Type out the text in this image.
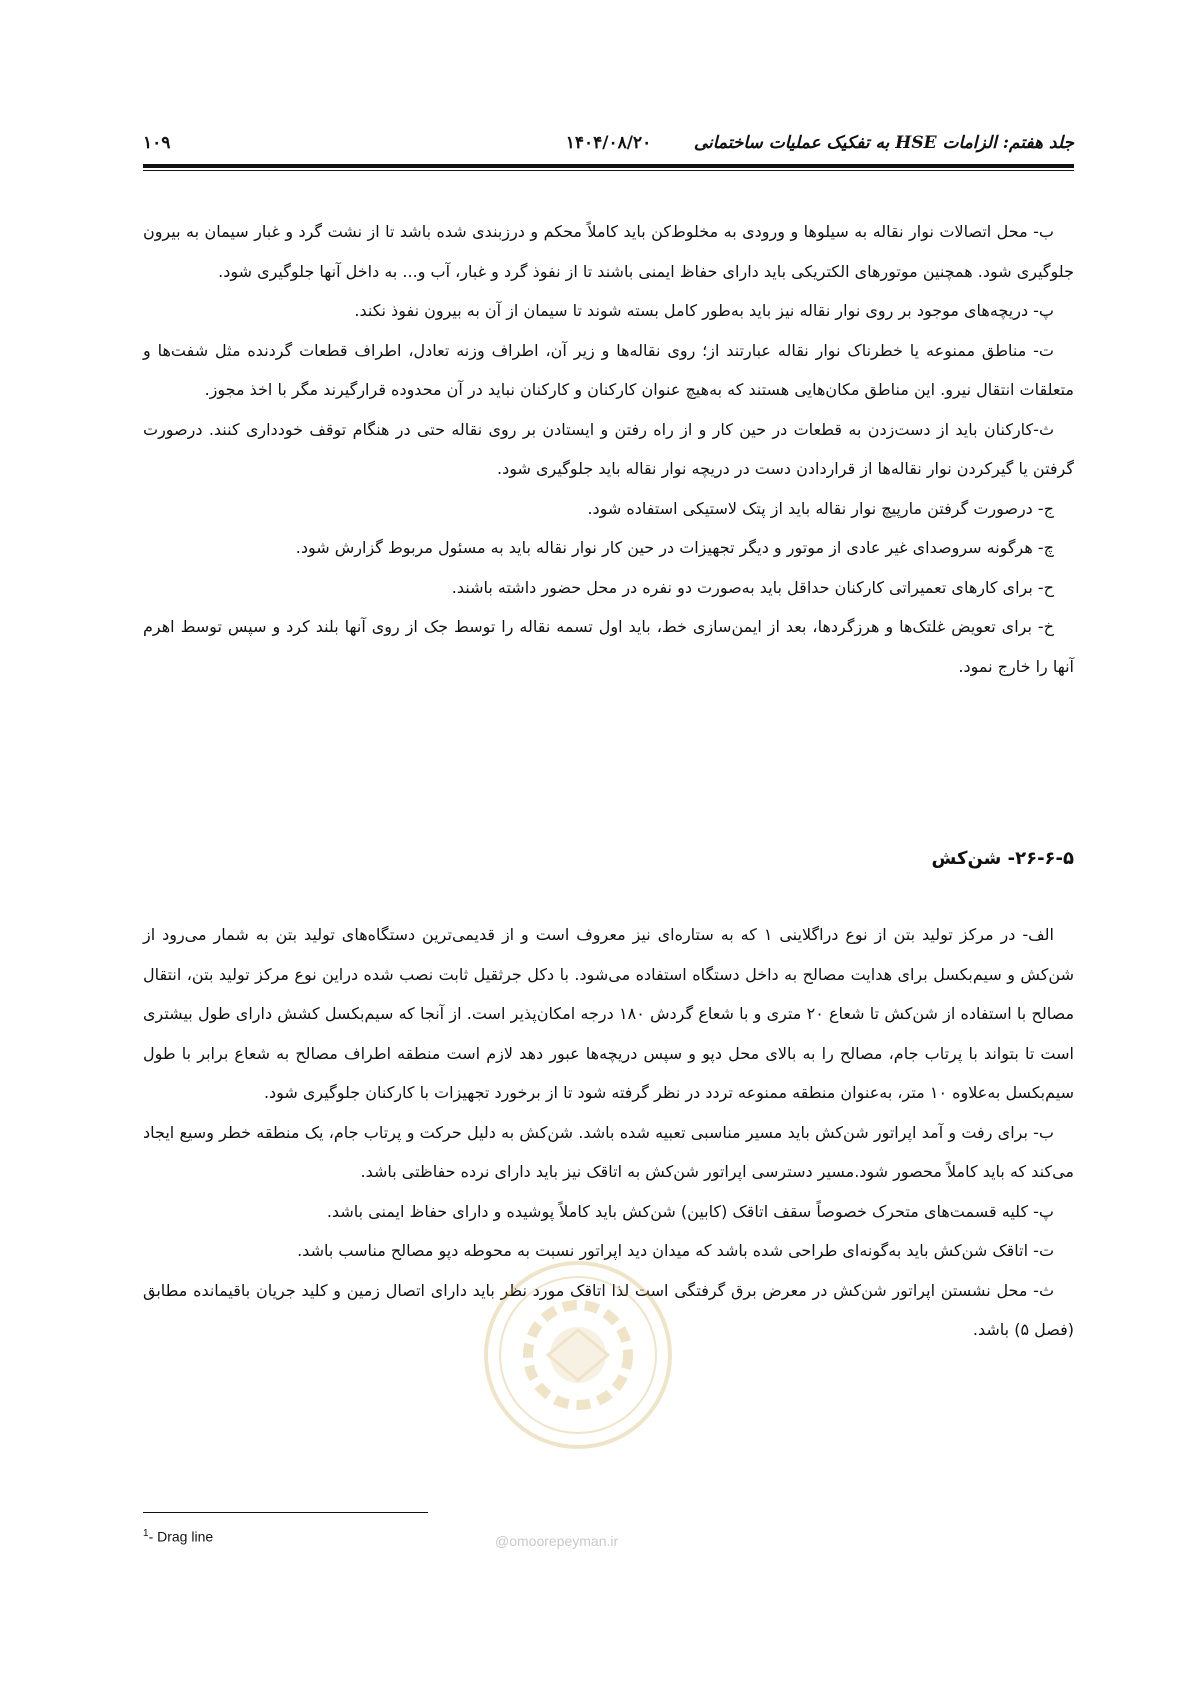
جلد هفتم: الزامات HSE به تفکیک عملیات ساختمانی
۱۴۰۴/۰۸/۲۰
۱۰۹

ب- محل اتصالات نوار نقاله به سیلوها و ورودی به مخلوط‌کن باید کاملاً محکم و درزبندی شده باشد تا از نشت گرد و غبار سیمان به بیرون جلوگیری شود. همچنین موتورهای الکتریکی باید دارای حفاظ ایمنی باشند تا از نفوذ گرد و غبار، آب و... به داخل آنها جلوگیری شود.

پ- دریچه‌های موجود بر روی نوار نقاله نیز باید به‌طور کامل بسته شوند تا سیمان از آن به بیرون نفوذ نکند.

ت- مناطق ممنوعه یا خطرناک نوار نقاله عبارتند از؛ روی نقاله‌ها و زیر آن، اطراف وزنه تعادل، اطراف قطعات گردنده مثل شفت‌ها و متعلقات انتقال نیرو. این مناطق مکان‌هایی هستند که به‌هیچ عنوان کارکنان و کارکنان نباید در آن محدوده قرارگیرند مگر با اخذ مجوز.

ث-کارکنان باید از دست‌زدن به قطعات در حین کار و از راه رفتن و ایستادن بر روی نقاله حتی در هنگام توقف خودداری کنند. درصورت گرفتن یا گیرکردن نوار نقاله‌ها از قراردادن دست در دریچه نوار نقاله باید جلوگیری شود.

ج- درصورت گرفتن مارپیچ نوار نقاله باید از پتک لاستیکی استفاده شود.

چ- هرگونه سروصدای غیر عادی از موتور و دیگر تجهیزات در حین کار نوار نقاله باید به مسئول مربوط گزارش شود.

ح- برای کارهای تعمیراتی کارکنان حداقل باید به‌صورت دو نفره در محل حضور داشته باشند.

خ- برای تعویض غلتک‌ها و هرزگردها، بعد از ایمن‌سازی خط، باید اول تسمه نقاله را توسط جک از روی آنها بلند کرد و سپس توسط اهرم آنها را خارج نمود.

۲۶-۶-۵- شن‌کش

الف- در مرکز تولید بتن از نوع دراگلاینی ۱ که به ستاره‌ای نیز معروف است و از قدیمی‌ترین دستگاه‌های تولید بتن به شمار می‌رود از شن‌کش و سیم‌بکسل برای هدایت مصالح به داخل دستگاه استفاده می‌شود. با دکل جرثقیل ثابت نصب شده دراین نوع مرکز تولید بتن، انتقال مصالح با استفاده از شن‌کش تا شعاع ۲۰ متری و با شعاع گردش ۱۸۰ درجه امکان‌پذیر است. از آنجا که سیم‌بکسل کشش دارای طول بیشتری است تا بتواند با پرتاب جام، مصالح را به بالای محل دپو و سپس دریچه‌ها عبور دهد لازم است منطقه اطراف مصالح به شعاع برابر با طول سیم‌بکسل به‌علاوه ۱۰ متر، به‌عنوان منطقه ممنوعه تردد در نظر گرفته شود تا از برخورد تجهیزات با کارکنان جلوگیری شود.

ب- برای رفت و آمد اپراتور شن‌کش باید مسیر مناسبی تعبیه شده باشد. شن‌کش به دلیل حرکت و پرتاب جام، یک منطقه خطر وسیع ایجاد می‌کند که باید کاملاً محصور شود.مسیر دسترسی اپراتور شن‌کش به اتاقک نیز باید دارای نرده حفاظتی باشد.

پ- کلیه قسمت‌های متحرک خصوصاً سقف اتاقک (کابین) شن‌کش باید کاملاً پوشیده و دارای حفاظ ایمنی باشد.

ت- اتاقک شن‌کش باید به‌گونه‌ای طراحی شده باشد که میدان دید اپراتور نسبت به محوطه دپو مصالح مناسب باشد.

ث- محل نشستن اپراتور شن‌کش در معرض برق گرفتگی است لذا اتاقک مورد نظر باید دارای اتصال زمین و کلید جریان باقیمانده مطابق (فصل ۵) باشد.

@omoorepeyman.ir
$^1$- Drag line
